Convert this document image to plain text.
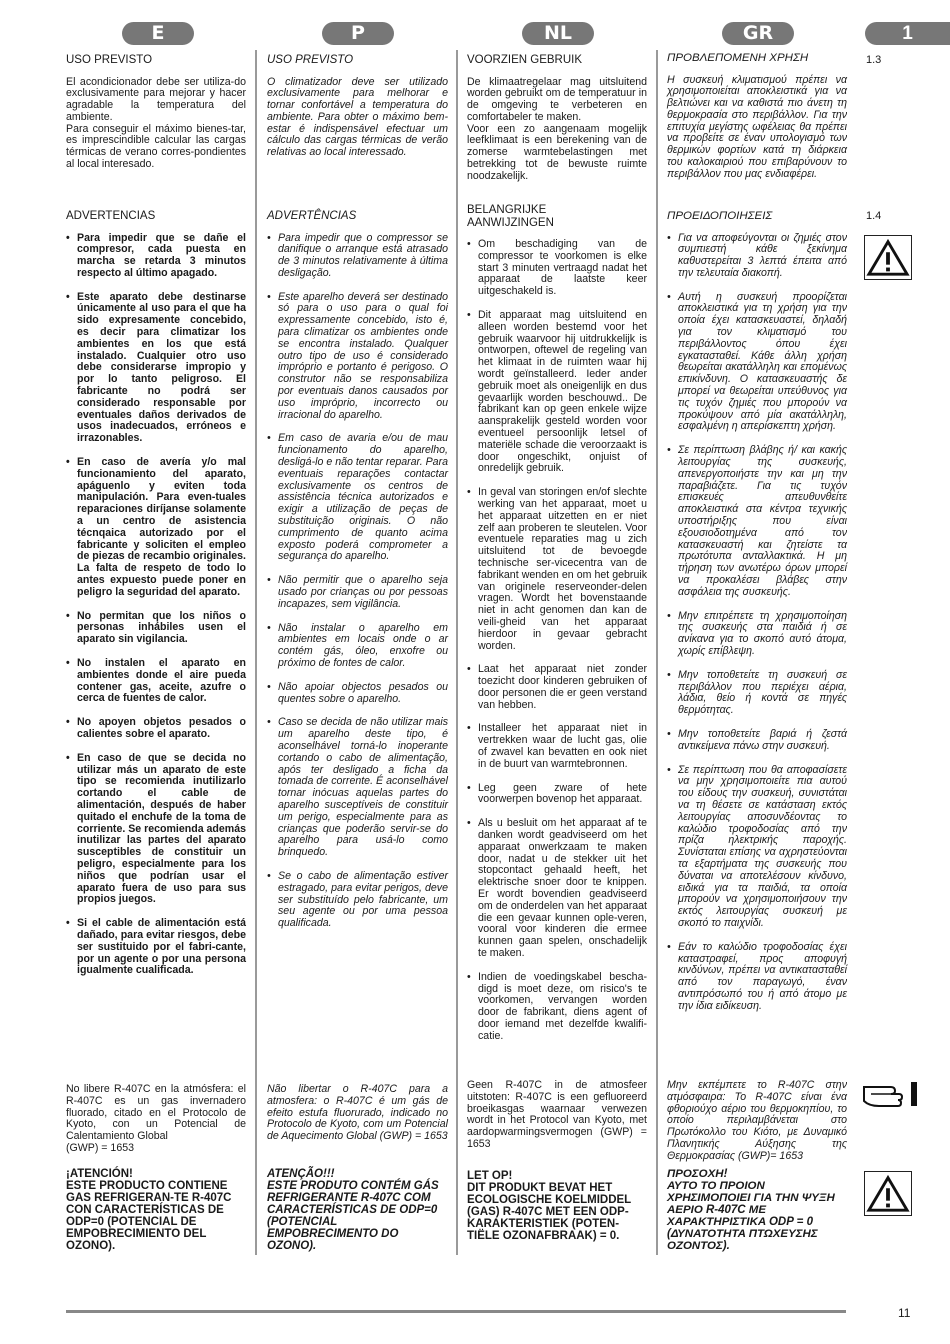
E	P	NL	GR	1
1.3
1.4
USO PREVISTO
El acondicionador debe ser utiliza-do exclusivamente para mejorar y hacer agradable la temperatura del ambiente.
Para conseguir el máximo bienes-tar, es imprescindible calcular las cargas térmicas de verano corres-pondientes al local interesado.
ADVERTENCIAS
• Para impedir que se dañe el compresor, cada puesta en marcha se retarda 3 minutos respecto al último apagado.
• Este aparato debe destinarse únicamente al uso para el que ha sido expresamente concebido, es decir para climatizar los ambientes en los que está instalado. Cualquier otro uso debe considerarse impropio y por lo tanto peligroso. El fabricante no podrá ser considerado responsable por eventuales daños derivados de usos inadecuados, erróneos e irrazonables.
• En caso de avería y/o mal funcionamiento del aparato, apáguenlo y eviten toda manipulación. Para even-tuales reparaciones diríjanse solamente a un centro de asistencia técnqaica autorizado por el fabricante y soliciten el empleo de piezas de recambio originales. La falta de respeto de todo lo antes expuesto puede poner en peligro la seguridad del aparato.
• No permitan que los niños o personas inhábiles usen el aparato sin vigilancia.
• No instalen el aparato en ambientes donde el aire pueda contener gas, aceite, azufre o cerca de fuentes de calor.
• No apoyen objetos pesados o calientes sobre el aparato.
• En caso de que se decida no utilizar más un aparato de este tipo se recomienda inutilizarlo cortando el cable de alimentación, después de haber quitado el enchufe de la toma de corriente. Se recomienda además inutilizar las partes del aparato susceptibles de constituir un peligro, especialmente para los niños que podrían usar el aparato fuera de uso para sus propios juegos.
• Si el cable de alimentación está dañado, para evitar riesgos, debe ser sustituido por el fabri-cante, por un agente o por una persona igualmente cualificada.
No libere R-407C en la atmósfera: el R-407C es un gas invernadero fluorado, citado en el Protocolo de Kyoto, con un Potencial de Calentamiento Global
(GWP) = 1653
¡ATENCIÓN!
ESTE PRODUCTO CONTIENE GAS REFRIGERAN-TE R-407C CON CARACTERÍSTICAS DE ODP=0 (POTENCIAL DE EMPOBRECIMIENTO DEL OZONO).
USO PREVISTO
O climatizador deve ser utilizado exclusivamente para melhorar e tornar confortável a temperatura do ambiente. Para obter o máximo bem-estar é indispensável efectuar um cálculo das cargas térmicas de verão relativas ao local interessado.
ADVERTÊNCIAS
• Para impedir que o compressor se danifique o arranque está atrasado de 3 minutos relativamente à última desligação.
• Este aparelho deverá ser destinado só para o uso para o qual foi expressamente concebido, isto é, para climatizar os ambientes onde se encontra instalado. Qualquer outro tipo de uso é considerado impróprio e portanto é perigoso. O construtor não se responsabiliza por eventuais danos causados por uso impróprio, incorrecto ou irracional do aparelho.
• Em caso de avaria e/ou de mau funcionamento do aparelho, desligá-lo e não tentar reparar. Para eventuais reparações contactar exclusivamente os centros de assistência técnica autorizados e exigir a utilização de peças de substituição originais. O não cumprimento de quanto acima exposto poderá comprometer a segurança do aparelho.
• Não permitir que o aparelho seja usado por crianças ou por pessoas incapazes, sem vigilância.
• Não instalar o aparelho em ambientes em locais onde o ar contém gás, óleo, enxofre ou próximo de fontes de calor.
• Não apoiar objectos pesados ou quentes sobre o aparelho.
• Caso se decida de não utilizar mais um aparelho deste tipo, é aconselhável torná-lo inoperante cortando o cabo de alimentação, após ter desligado a ficha da tomada de corrente. É aconselhável tornar inócuas aquelas partes do aparelho susceptíveis de constituir um perigo, especialmente para as crianças que poderão servir-se do aparelho para usá-lo como brinquedo.
• Se o cabo de alimentação estiver estragado, para evitar perigos, deve ser substituído pelo fabricante, um seu agente ou por uma pessoa qualificada.
Não libertar o R-407C para a atmosfera: o R-407C é um gás de efeito estufa fluorurado, indicado no Protocolo de Kyoto, com um Potencial de Aquecimento Global (GWP) = 1653
ATENÇÃO!!!
ESTE PRODUTO CONTÉM GÁS REFRIGERANTE R-407C COM CARACTERÍSTICAS DE ODP=0 (POTENCIAL EMPOBRECIMENTO DO OZONO).
VOORZIEN GEBRUIK
De klimaatregelaar mag uitsluitend worden gebruikt om de temperatuur in de omgeving te verbeteren en comfortabeler te maken.
Voor een zo aangenaam mogelijk leefklimaat is een berekening van de zomerse warmtebelastingen met betrekking tot de bewuste ruimte noodzakelijk.
BELANGRIJKE AANWIJZINGEN
• Om beschadiging van de compressor te voorkomen is elke start 3 minuten vertraagd nadat het apparaat de laatste keer uitgeschakeld is.
• Dit apparaat mag uitsluitend en alleen worden bestemd voor het gebruik waarvoor hij uitdrukkelijk is ontworpen, oftewel de regeling van het klimaat in de ruimten waar hij wordt geïnstalleerd. Ieder ander gebruik moet als oneigenlijk en dus gevaarlijk worden beschouwd.. De fabrikant kan op geen enkele wijze aansprakelijk gesteld worden voor eventueel persoonlijk letsel of materiële schade die veroorzaakt is door ongeschikt, onjuist of onredelijk gebruik.
• In geval van storingen en/of slechte werking van het apparaat, moet u het apparaat uitzetten en er niet zelf aan proberen te sleutelen. Voor eventuele reparaties mag u zich uitsluitend tot de bevoegde technische ser-vicecentra van de fabrikant wenden en om het gebruik van originele reserveonder-delen vragen. Wordt het bovenstaande niet in acht genomen dan kan de veili-gheid van het apparaat hierdoor in gevaar gebracht worden.
• Laat het apparaat niet zonder toezicht door kinderen gebruiken of door personen die er geen verstand van hebben.
• Installeer het apparaat niet in vertrekken waar de lucht gas, olie of zwavel kan bevatten en ook niet in de buurt van warmtebronnen.
• Leg geen zware of hete voorwerpen bovenop het apparaat.
• Als u besluit om het apparaat af te danken wordt geadviseerd om het apparaat onwerkzaam te maken door, nadat u de stekker uit het stopcontact gehaald heeft, het elektrische snoer door te knippen. Er wordt bovendien geadviseerd om de onderdelen van het apparaat die een gevaar kunnen ople-veren, vooral voor kinderen die ermee kunnen gaan spelen, onschadelijk te maken.
• Indien de voedingskabel bescha-digd is moet deze, om risico's te voorkomen, vervangen worden door de fabrikant, diens agent of door iemand met dezelfde kwalifi-catie.
Geen R-407C in de atmosfeer uitstoten: R-407C is een gefluoreerd broeikasgas waarnaar verwezen wordt in het Protocol van Kyoto, met aardopwarmingsvermogen (GWP) = 1653
LET OP!
DIT PRODUKT BEVAT HET ECOLOGISCHE KOELMIDDEL (GAS) R-407C MET EEN ODP-KARAKTERISTIEK (POTEN-TIËLE OZONAFBRAAK) = 0.
ΠΡΟΒΛΕΠΟΜΕΝΗ ΧΡΗΣΗ
Η συσκευή κλιματισμού πρέπει να χρησιμοποιείται αποκλειστικά για να βελτιώνει και να καθιστά πιο άνετη τη θερμοκρασία στο περιβάλλον. Για την επιτυχία μεγίστης ωφέλειας θα πρέπει να προβείτε σε έναν υπολογισμό των θερμικών φορτίων κατά τη διάρκεια του καλοκαιριού που επιβαρύνουν το περιβάλλον που μας ενδιαφέρει.
ΠΡΟΕΙΔΟΠΟΙΗΣΕΙΣ
• Για να αποφεύγονται οι ζημιές στον συμπιεστή κάθε ξεκίνημα καθυστερείται 3 λεπτά έπειτα από την τελευταία διακοπή.
• Αυτή η συσκευή προορίζεται αποκλειστικά για τη χρήση για την οποία έχει κατασκευαστεί, δηλαδή για τον κλιματισμό του περιβάλλοντος όπου έχει εγκατασταθεί. Κάθε άλλη χρήση θεωρείται ακατάλληλη και επομένως επικίνδυνη. Ο κατασκευαστής δε μπορεί να θεωρείται υπεύθυνος για τις τυχόν ζημιές που μπορούν να προκύψουν από μία ακατάλληλη, εσφαλμένη η απερίσκεπτη χρήση.
• Σε περίπτωση βλάβης ή/ και κακής λειτουργίας της συσκευής, απενεργοποιήστε την και μη την παραβιάζετε. Για τις τυχόν επισκευές απευθυνθείτε αποκλειστικά στα κέντρα τεχνικής υποστήριξης που είναι εξουσιοδοτημένα από τον κατασκευαστή και ζητείστε τα πρωτότυπα ανταλλακτικά. Η μη τήρηση των ανωτέρω όρων μπορεί να προκαλέσει βλάβες στην ασφάλεια της συσκευής.
• Μην επιτρέπετε τη χρησιμοποίηση της συσκευής στα παιδιά ή σε ανίκανα για το σκοπό αυτό άτομα, χωρίς επίβλεψη.
• Μην τοποθετείτε τη συσκευή σε περιβάλλον που περιέχει αέρια, λάδια, θείο ή κοντά σε πηγές θερμότητας.
• Μην τοποθετείτε βαριά ή ζεστά αντικείμενα πάνω στην συσκευή.
• Σε περίπτωση που θα αποφασίσετε να μην χρησιμοποιείτε πια αυτού του είδους την συσκευή, συνιστάται να τη θέσετε σε κατάσταση εκτός λειτουργίας αποσυνδέοντας το καλώδιο τροφοδοσίας από την πρίζα ηλεκτρικής παροχής. Συνίσταται επίσης να αχρηστεύονται τα εξαρτήματα της συσκευής που δύναται να αποτελέσουν κίνδυνο, ειδικά για τα παιδιά, τα οποία μπορούν να χρησιμοποιήσουν την εκτός λειτουργίας συσκευή με σκοπό το παιχνίδι.
• Εάν το καλώδιο τροφοδοσίας έχει καταστραφεί, προς αποφυγή κινδύνων, πρέπει να αντικατασταθεί από τον παραγωγό, έναν αντιπρόσωπό του ή από άτομο με την ίδια ειδίκευση.
Μην εκπέμπετε το R-407C στην ατμόσφαιρα: Το R-407C είναι ένα φθοριούχο αέριο του θερμοκηπίου, το οποίο περιλαμβάνεται στο Πρωτόκολλο του Κιότο, με Δυναμικό Πλανητικής Αύξησης της Θερμοκρασίας (GWP)= 1653
ΠΡΟΣΟΧΗ!
ΑΥΤΟ ΤΟ ΠΡΟΙΟΝ ΧΡΗΣΙΜΟΠΟΙΕΙ ΓΙΑ ΤΗΝ ΨΥΞΗ ΑΕΡΙΟ R-407C ΜΕ ΧΑΡΑΚΤΗΡΙΣΤΙΚΑ ODP = 0 (ΔΥΝΑΤΟΤΗΤΑ ΠΤΩΧΕΥΣΗΣ ΟΖΟΝΤΟΣ).
11
